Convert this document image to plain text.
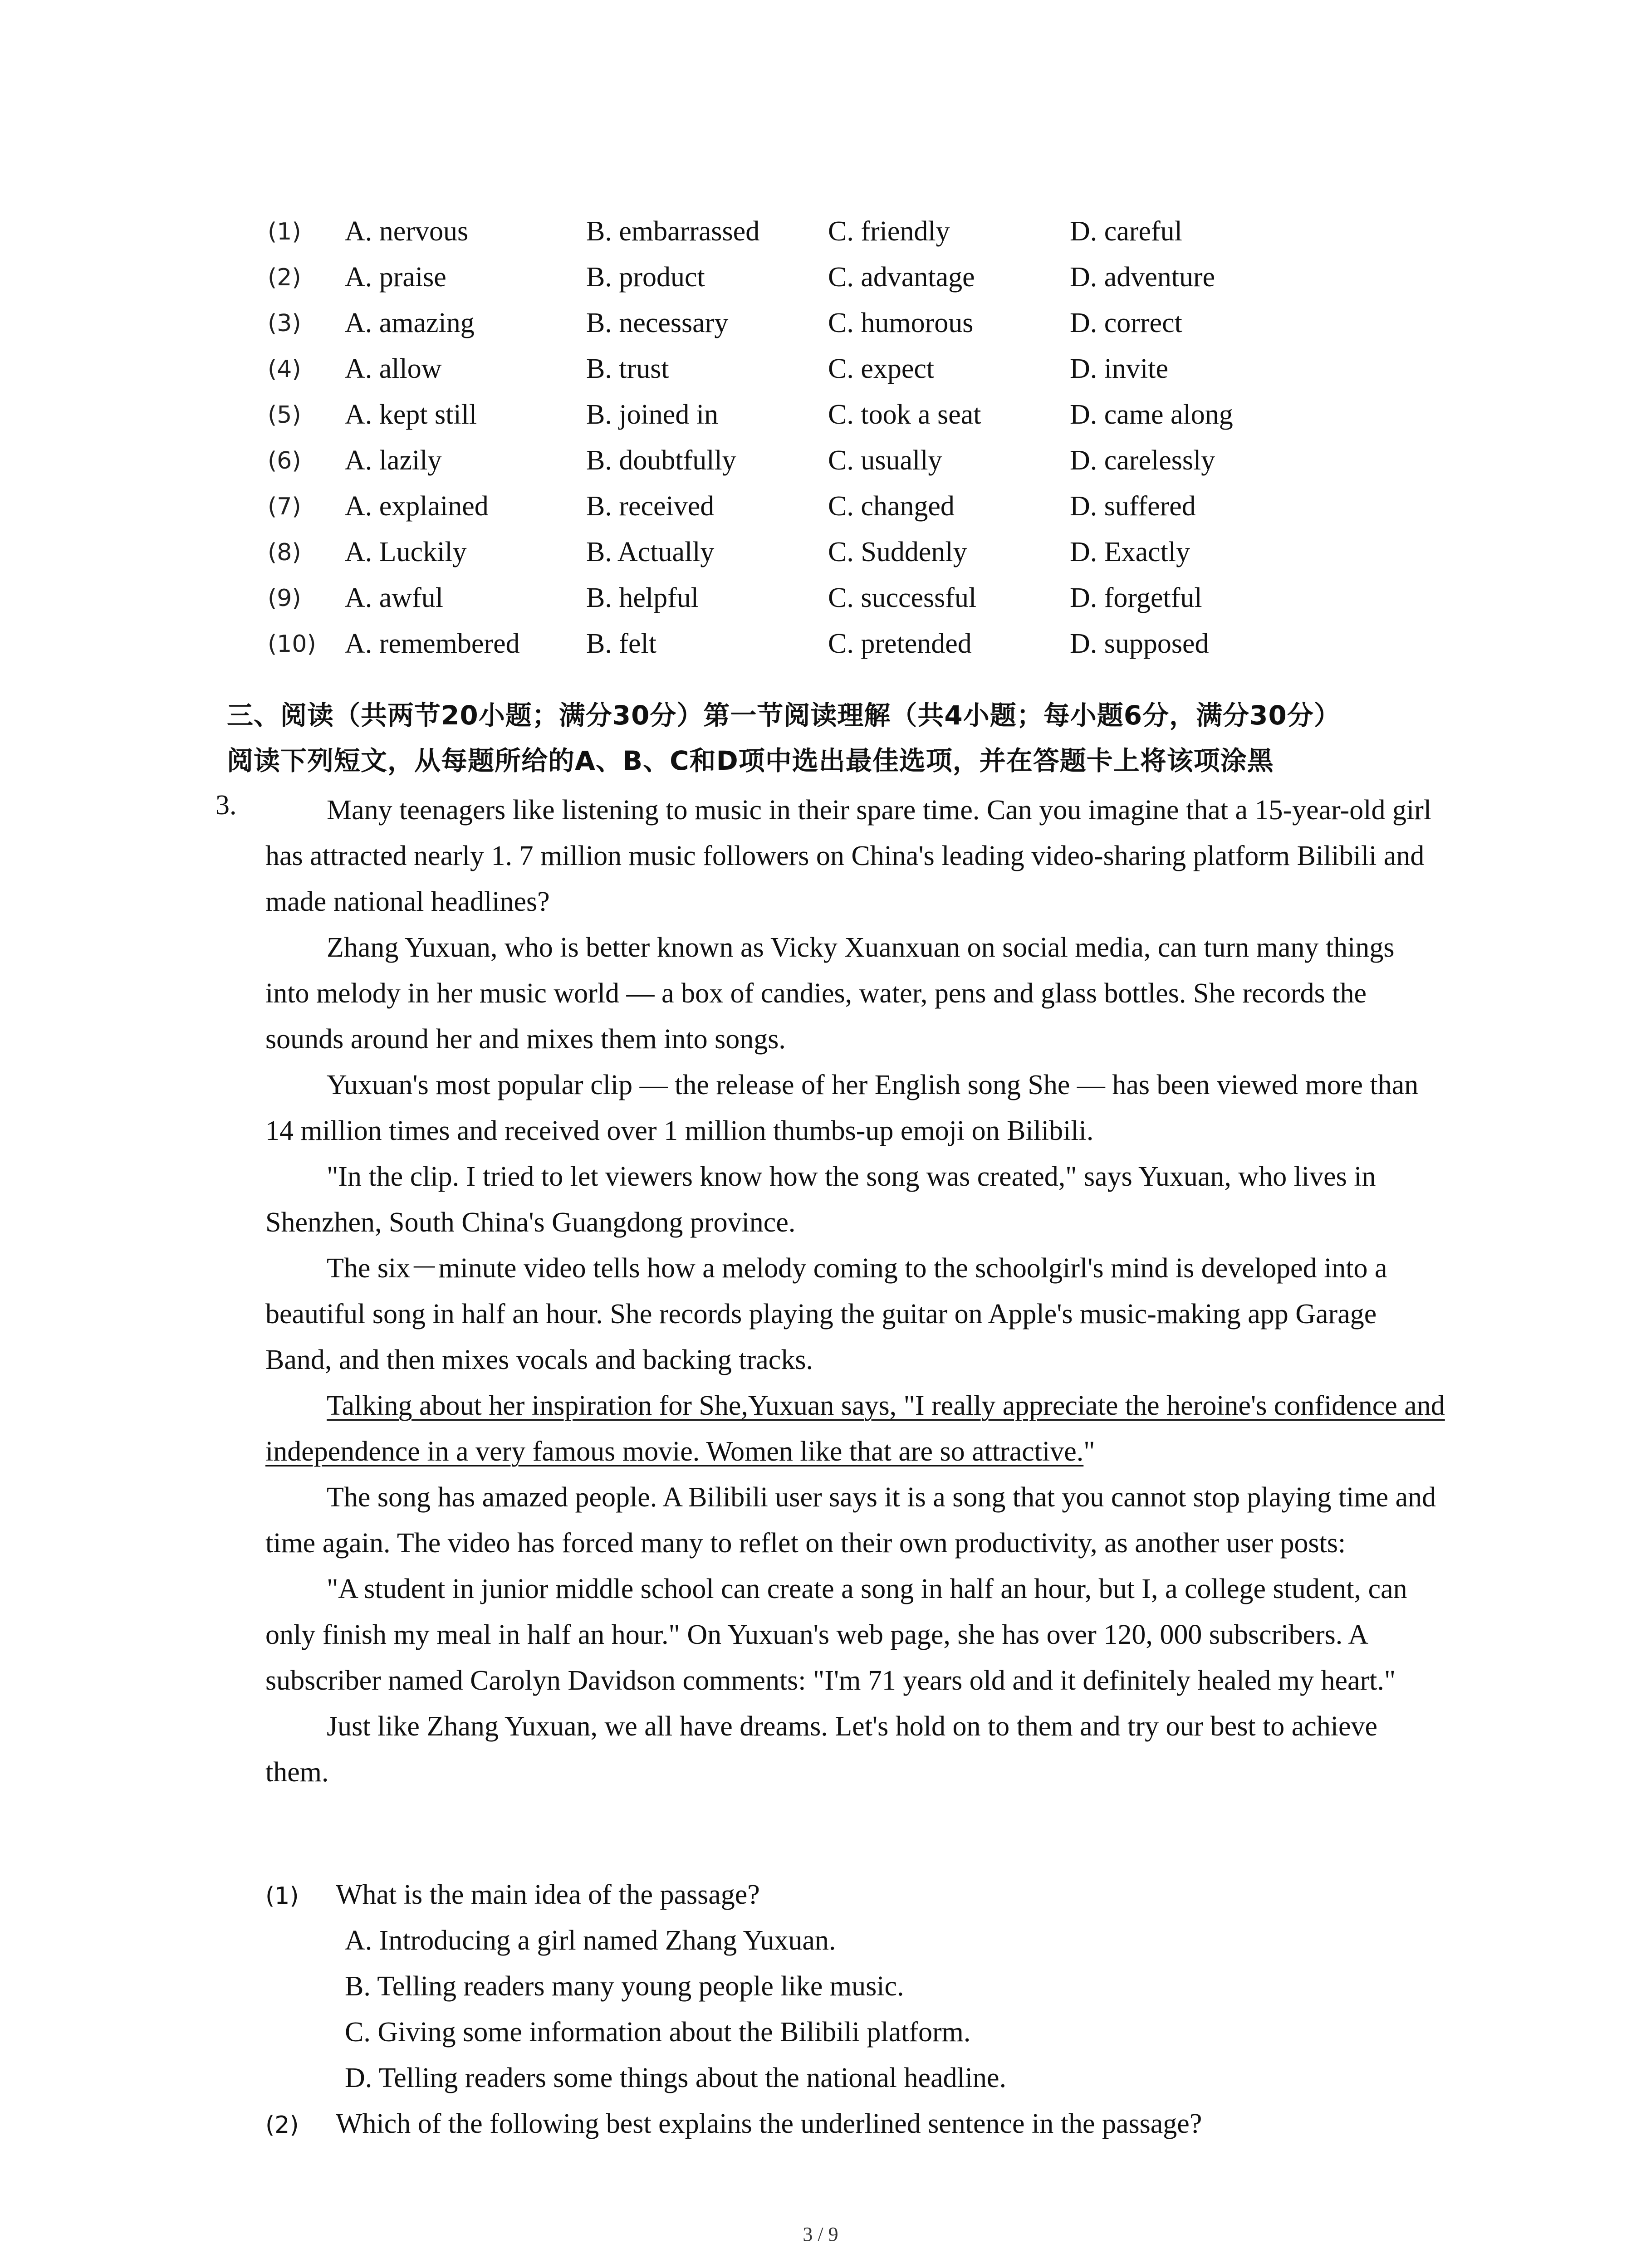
(1) A. nervous	B. embarrassed C. friendly	D. careful
(2) A. praise	B. product	C. advantage	D. adventure
(3) A. amazing	B. necessary	C. humorous	D. correct
(4) A. allow	B. trust	C. expect	D. invite
(5) A. kept still	B. joined in	C. took a seat	D. came along
(6) A. lazily	B. doubtfully	C. usually	D. carelessly
(7) A. explained	B. received	C. changed	D. suffered
(8) A. Luckily	B. Actually	C. Suddenly	D. Exactly
(9) A. awful	B. helpful	C. successful	D. forgetful
(10) A. remembered B. felt	C. pretended	D. supposed
三、阅读（共两节20小题；满分30分）第一节阅读理解（共4小题；每小题6分，满分30分）
阅读下列短文，从每题所给的A、B、C和D项中选出最佳选项，并在答题卡上将该项涂黑
3.	Many teenagers like listening to music in their spare time. Can you imagine that a 15-year-old girl has attracted nearly 1. 7 million music followers on China's leading video-sharing platform Bilibili and made national headlines?

Zhang Yuxuan, who is better known as Vicky Xuanxuan on social media, can turn many things into melody in her music world — a box of candies, water, pens and glass bottles. She records the sounds around her and mixes them into songs.

Yuxuan's most popular clip — the release of her English song She — has been viewed more than 14 million times and received over 1 million thumbs-up emoji on Bilibili.

"In the clip. I tried to let viewers know how the song was created," says Yuxuan, who lives in Shenzhen, South China's Guangdong province.

The six－minute video tells how a melody coming to the schoolgirl's mind is developed into a beautiful song in half an hour. She records playing the guitar on Apple's music-making app Garage Band, and then mixes vocals and backing tracks.

Talking about her inspiration for She,Yuxuan says, "I really appreciate the heroine's confidence and independence in a very famous movie. Women like that are so attractive."

The song has amazed people. A Bilibili user says it is a song that you cannot stop playing time and time again. The video has forced many to reflet on their own productivity, as another user posts:

"A student in junior middle school can create a song in half an hour, but I, a college student, can only finish my meal in half an hour." On Yuxuan's web page, she has over 120, 000 subscribers. A subscriber named Carolyn Davidson comments: "I'm 71 years old and it definitely healed my heart."

Just like Zhang Yuxuan, we all have dreams. Let's hold on to them and try our best to achieve them.

(1) What is the main idea of the passage?
A. Introducing a girl named Zhang Yuxuan.
B. Telling readers many young people like music.
C. Giving some information about the Bilibili platform.
D. Telling readers some things about the national headline.
(2) Which of the following best explains the underlined sentence in the passage?
3 / 9
